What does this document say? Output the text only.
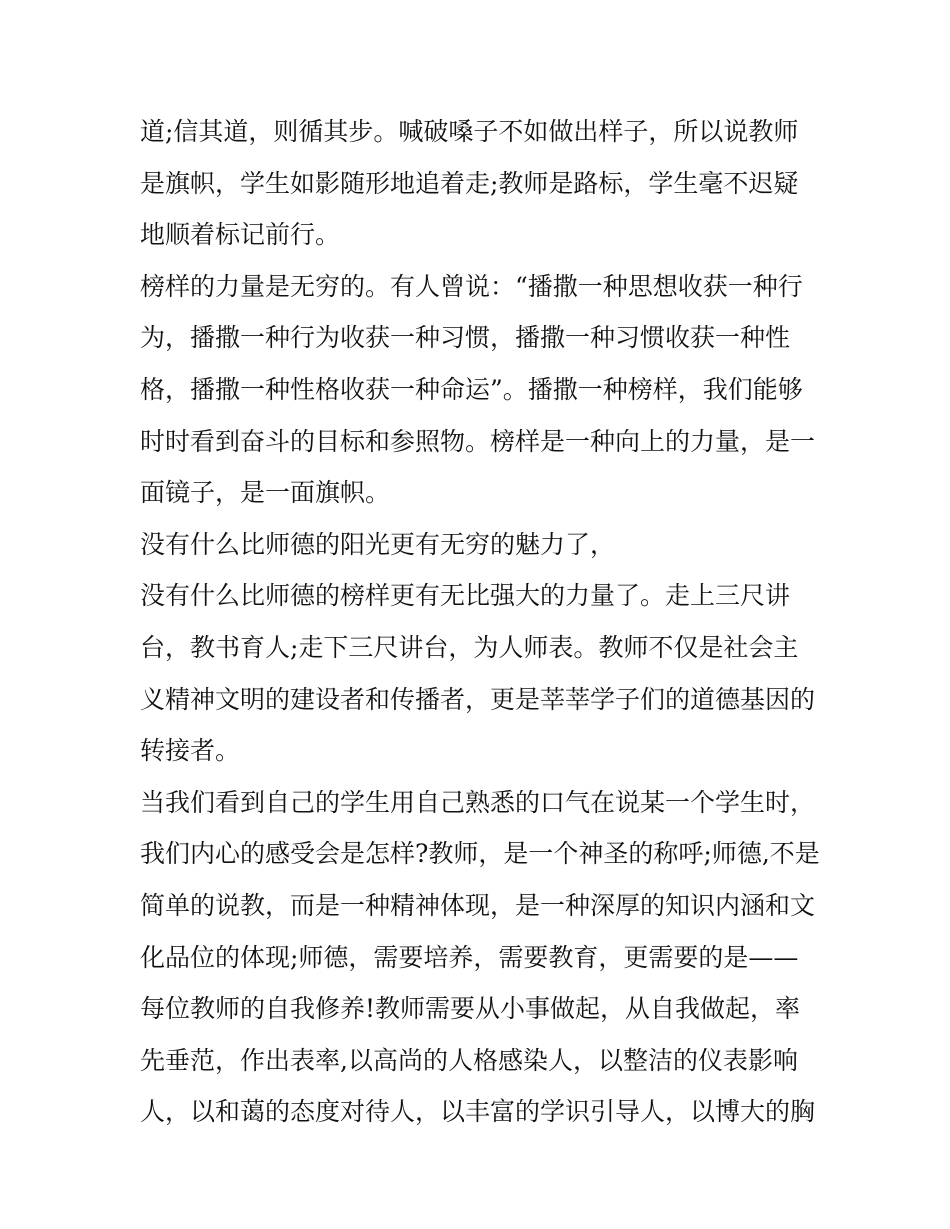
道;信其道，则循其步。喊破嗓子不如做出样子，所以说教师
是旗帜，学生如影随形地追着走;教师是路标，学生毫不迟疑
地顺着标记前行。
榜样的力量是无穷的。有人曾说：“播撒一种思想收获一种行
为，播撒一种行为收获一种习惯，播撒一种习惯收获一种性
格，播撒一种性格收获一种命运”。播撒一种榜样，我们能够
时时看到奋斗的目标和参照物。榜样是一种向上的力量，是一
面镜子，是一面旗帜。
没有什么比师德的阳光更有无穷的魅力了，
没有什么比师德的榜样更有无比强大的力量了。走上三尺讲
台，教书育人;走下三尺讲台，为人师表。教师不仅是社会主
义精神文明的建设者和传播者，更是莘莘学子们的道德基因的
转接者。
当我们看到自己的学生用自己熟悉的口气在说某一个学生时，
我们内心的感受会是怎样?教师，是一个神圣的称呼;师德,不是
简单的说教，而是一种精神体现，是一种深厚的知识内涵和文
化品位的体现;师德，需要培养，需要教育，更需要的是——
每位教师的自我修养!教师需要从小事做起，从自我做起，率
先垂范，作出表率,以高尚的人格感染人，以整洁的仪表影响
人，以和蔼的态度对待人，以丰富的学识引导人，以博大的胸
